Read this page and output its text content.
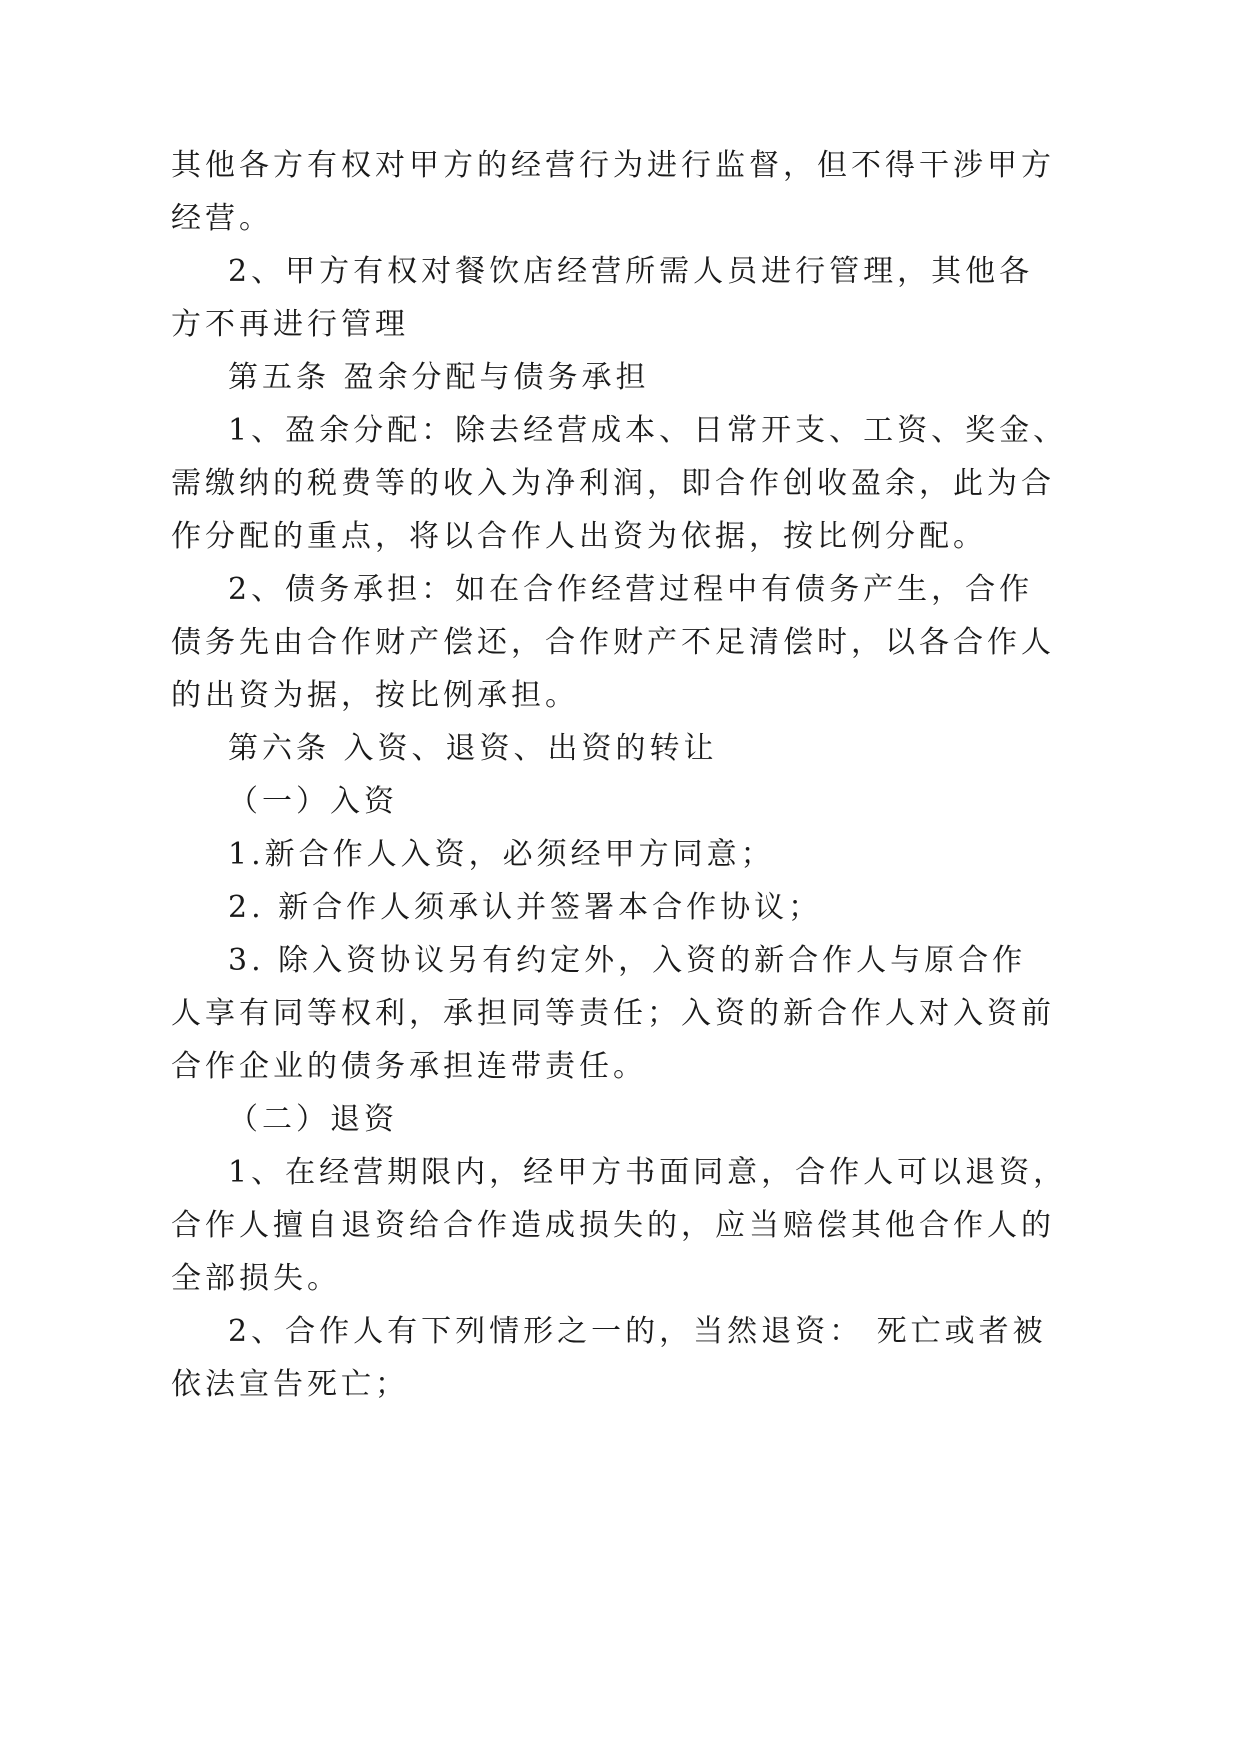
其他各方有权对甲方的经营行为进行监督，但不得干涉甲方
经营。
2、甲方有权对餐饮店经营所需人员进行管理，其他各
方不再进行管理
第五条 盈余分配与债务承担
1、盈余分配：除去经营成本、日常开支、工资、奖金、
需缴纳的税费等的收入为净利润，即合作创收盈余，此为合
作分配的重点，将以合作人出资为依据，按比例分配。
2、债务承担：如在合作经营过程中有债务产生，合作
债务先由合作财产偿还，合作财产不足清偿时，以各合作人
的出资为据，按比例承担。
第六条 入资、退资、出资的转让
（一）入资
1.新合作人入资，必须经甲方同意；
2. 新合作人须承认并签署本合作协议；
3. 除入资协议另有约定外，入资的新合作人与原合作
人享有同等权利，承担同等责任；入资的新合作人对入资前
合作企业的债务承担连带责任。
（二）退资
1、在经营期限内，经甲方书面同意，合作人可以退资，
合作人擅自退资给合作造成损失的，应当赔偿其他合作人的
全部损失。
2、合作人有下列情形之一的，当然退资： 死亡或者被
依法宣告死亡；
